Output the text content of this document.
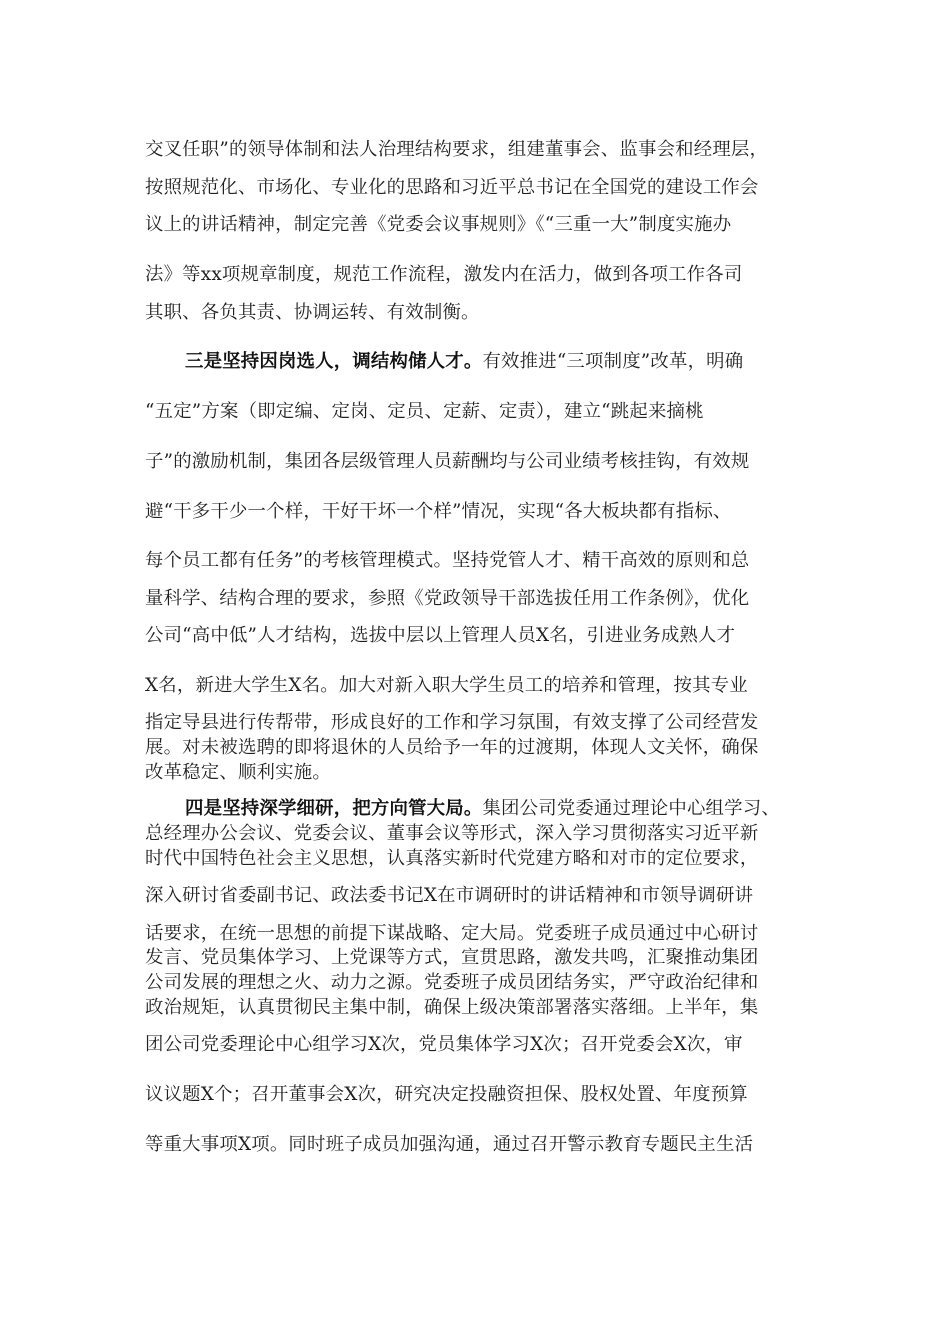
交叉任职”的领导体制和法人治理结构要求，组建董事会、监事会和经理层，
按照规范化、市场化、专业化的思路和习近平总书记在全国党的建设工作会
议上的讲话精神，制定完善《党委会议事规则》《“三重一大”制度实施办
法》等xx项规章制度，规范工作流程，激发内在活力，做到各项工作各司
其职、各负其责、协调运转、有效制衡。
三是坚持因岗选人，调结构储人才。有效推进“三项制度”改革，明确
“五定”方案（即定编、定岗、定员、定薪、定责），建立“跳起来摘桃
子”的激励机制，集团各层级管理人员薪酬均与公司业绩考核挂钩，有效规
避“干多干少一个样，干好干坏一个样”情况，实现“各大板块都有指标、
每个员工都有任务”的考核管理模式。坚持党管人才、精干高效的原则和总
量科学、结构合理的要求，参照《党政领导干部选拔任用工作条例》，优化
公司“高中低”人才结构，选拔中层以上管理人员X名，引进业务成熟人才
X名，新进大学生X名。加大对新入职大学生员工的培养和管理，按其专业
指定导县进行传帮带，形成良好的工作和学习氛围，有效支撑了公司经营发
展。对未被选聘的即将退休的人员给予一年的过渡期，体现人文关怀，确保
改革稳定、顺利实施。
四是坚持深学细研，把方向管大局。集团公司党委通过理论中心组学习、
总经理办公会议、党委会议、董事会议等形式，深入学习贯彻落实习近平新
时代中国特色社会主义思想，认真落实新时代党建方略和对市的定位要求，
深入研讨省委副书记、政法委书记X在市调研时的讲话精神和市领导调研讲
话要求，在统一思想的前提下谋战略、定大局。党委班子成员通过中心研讨
发言、党员集体学习、上党课等方式，宣贯思路，激发共鸣，汇聚推动集团
公司发展的理想之火、动力之源。党委班子成员团结务实，严守政治纪律和
政治规矩，认真贯彻民主集中制，确保上级决策部署落实落细。上半年，集
团公司党委理论中心组学习X次，党员集体学习X次；召开党委会X次，审
议议题X个；召开董事会X次，研究决定投融资担保、股权处置、年度预算
等重大事项X项。同时班子成员加强沟通，通过召开警示教育专题民主生活
